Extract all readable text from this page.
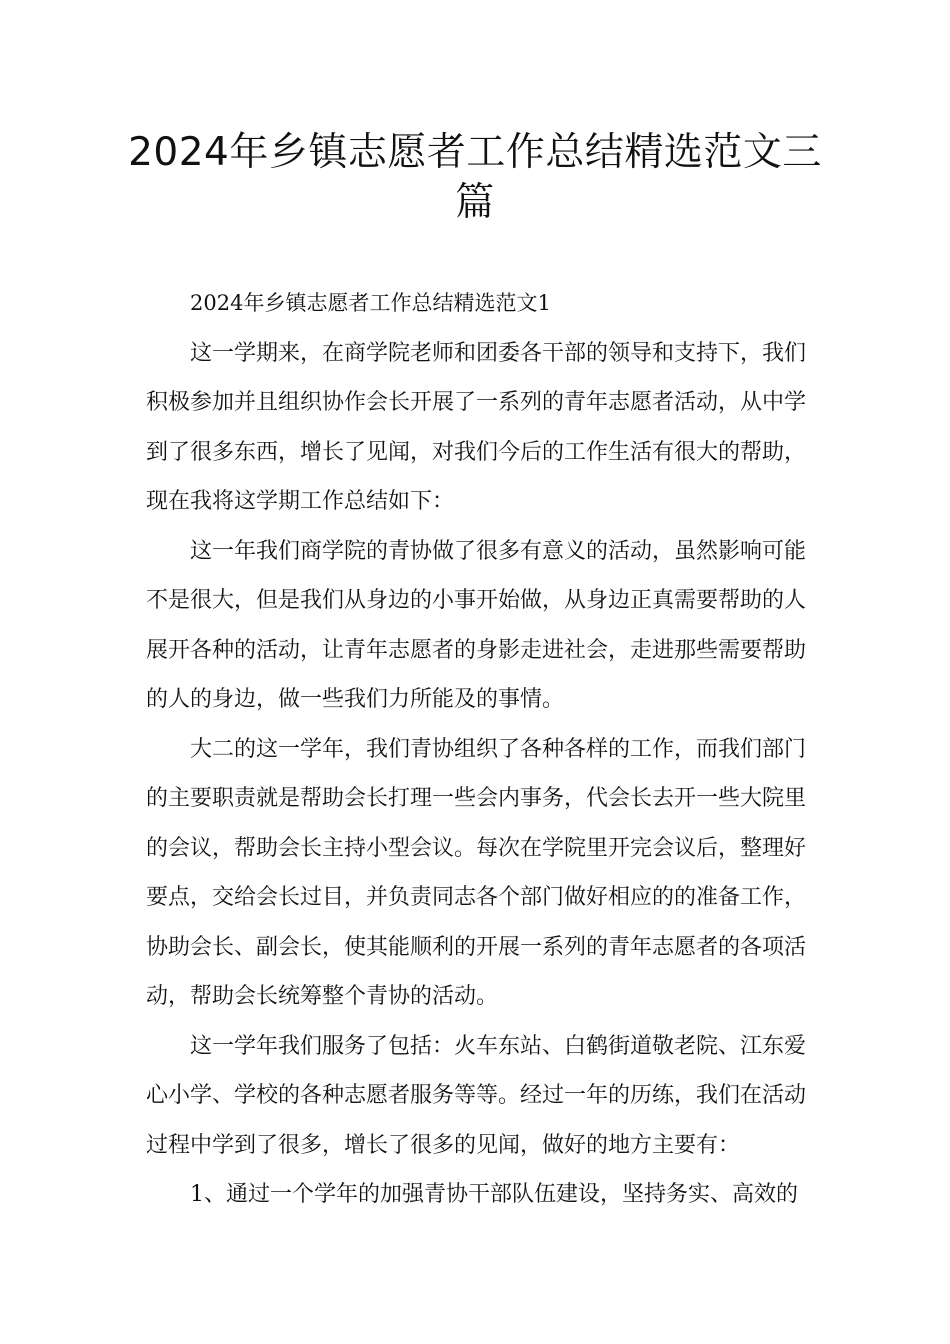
2024年乡镇志愿者工作总结精选范文三篇

2024年乡镇志愿者工作总结精选范文1

这一学期来，在商学院老师和团委各干部的领导和支持下，我们积极参加并且组织协作会长开展了一系列的青年志愿者活动，从中学到了很多东西，增长了见闻，对我们今后的工作生活有很大的帮助，现在我将这学期工作总结如下：

这一年我们商学院的青协做了很多有意义的活动，虽然影响可能不是很大，但是我们从身边的小事开始做，从身边正真需要帮助的人展开各种的活动，让青年志愿者的身影走进社会，走进那些需要帮助的人的身边，做一些我们力所能及的事情。

大二的这一学年，我们青协组织了各种各样的工作，而我们部门的主要职责就是帮助会长打理一些会内事务，代会长去开一些大院里的会议，帮助会长主持小型会议。每次在学院里开完会议后，整理好要点，交给会长过目，并负责同志各个部门做好相应的的准备工作，协助会长、副会长，使其能顺利的开展一系列的青年志愿者的各项活动，帮助会长统筹整个青协的活动。

这一学年我们服务了包括：火车东站、白鹤街道敬老院、江东爱心小学、学校的各种志愿者服务等等。经过一年的历练，我们在活动过程中学到了很多，增长了很多的见闻，做好的地方主要有：

1、通过一个学年的加强青协干部队伍建设，坚持务实、高效的
